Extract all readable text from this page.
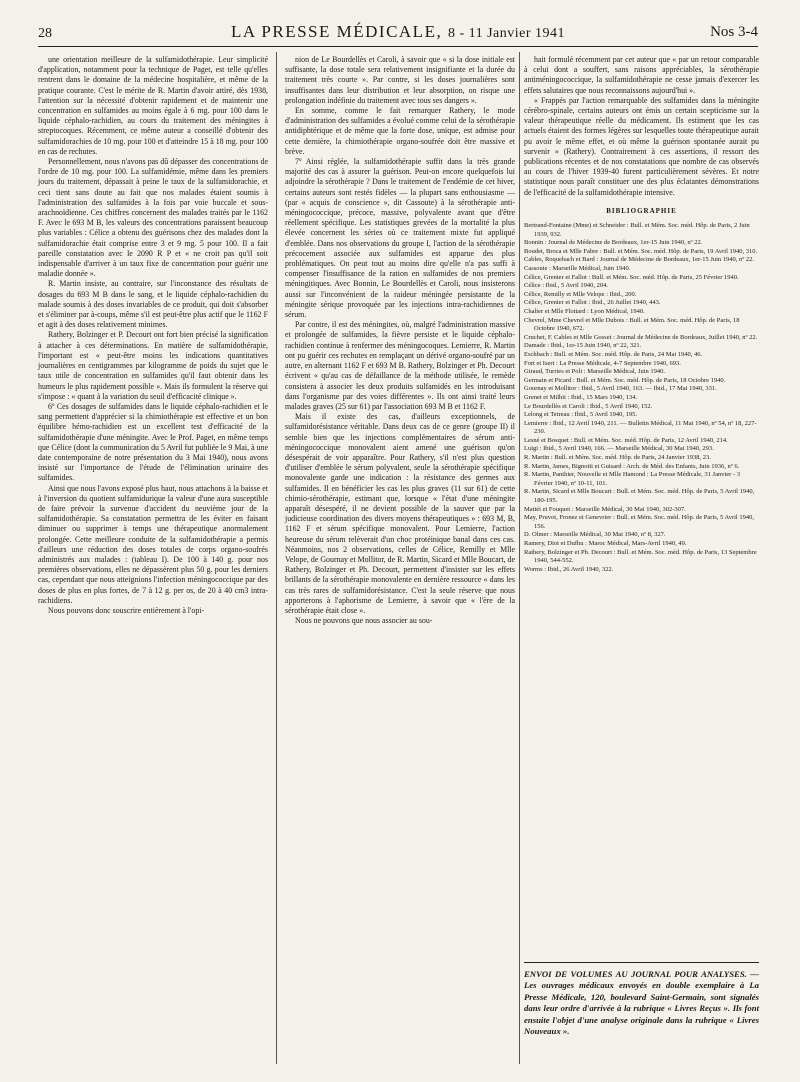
28	LA PRESSE MÉDICALE, 8 - 11 Janvier 1941	Nos 3-4

une orientation meilleure de la sulfamidothérapie. Leur simplicité d'application, notamment pour la technique de Paget, est telle qu'elles rentrent dans le domaine de la médecine hospitalière, et même de la pratique courante. C'est le mérite de R. Martin d'avoir attiré, dès 1938, l'attention sur la nécessité d'obtenir rapidement et de maintenir une concentration en sulfamides au moins égale à 6 mg. pour 100 dans le liquide céphalo-rachidien, au cours du traitement des méningites à streptocoques. Récemment, ce même auteur a conseillé d'obtenir des sulfamidorachies de 10 mg. pour 100 et d'atteindre 15 à 18 mg. pour 100 en cas de rechutes.

Personnellement, nous n'avons pas dû dépasser des concentrations de l'ordre de 10 mg. pour 100. La sulfamidémie, même dans les premiers jours du traitement, dépassait à peine le taux de la sulfamidorachie, et ceci tient sans doute au fait que nos malades étaient soumis à l'administration des sulfamides à la fois par voie buccale et sous-arachnoïdienne. Ces chiffres concernent des malades traités par le 1162 F. Avec le 693 M B, les valeurs des concentrations paraissent beaucoup plus variables : Célice a obtenu des guérisons chez des malades dont la sulfamidorachie était comprise entre 3 et 9 mg. 5 pour 100. Il a fait pareille constatation avec le 2090 R P et « ne croit pas qu'il soit indispensable d'arriver à un taux fixe de concentration pour guérir une maladie donnée ».

R. Martin insiste, au contraire, sur l'inconstance des résultats de dosages du 693 M B dans le sang, et le liquide céphalo-rachidien du malade soumis à des doses invariables de ce produit, qui doit s'absorber et s'éliminer par à-coups, même s'il est peut-être plus actif que le 1162 F et agit à des doses relativement minimes.

Rathery, Bolzinger et P. Decourt ont fort bien précisé la signification à attacher à ces déterminations. En matière de sulfamidothérapie, l'important est « peut-être moins les indications quantitatives journalières en centigrammes par kilogramme de poids du sujet que le taux utile de concentration en sulfamides qu'il faut obtenir dans les humeurs le plus rapidement possible ». Mais ils formulent la réserve qui s'impose : « quant à la variation du seuil d'efficacité clinique ».

6º Ces dosages de sulfamides dans le liquide céphalo-rachidien et le sang permettent d'apprécier si la chimiothérapie est effective et un bon équilibre hémo-rachidien est un excellent test d'efficacité de la sulfamidothérapie d'une méningite. Avec le Prof. Paget, en même temps que Célice (dont la communication du 5 Avril fut publiée le 9 Mai, à une date contemporaine de notre présentation du 3 Mai 1940), nous avons insisté sur l'importance de l'étude de l'élimination urinaire des sulfamides.

Ainsi que nous l'avons exposé plus haut, nous attachons à la baisse et à l'inversion du quotient sulfamidurique la valeur d'une aura susceptible de faire prévoir la survenue d'accident du neuvième jour de la sulfamidothérapie. Sa constatation permettra de les éviter en faisant diminuer ou supprimer à temps une thérapeutique anormalement prolongée. Cette meilleure conduite de la sulfamidothérapie a permis d'ailleurs une réduction des doses totales de corps organo-soufrés administrés aux malades : (tableau I). De 100 à 140 g. pour nos premières observations, elles ne dépassèrent plus 50 g. pour les derniers cas, cependant que nous atteignions l'infection méningococcique par des doses de plus en plus fortes, de 7 à 12 g. per os, de 20 à 40 cm3 intra-rachidiens.

Nous pouvons donc souscrire entièrement à l'opi-

nion de Le Bourdellès et Caroli, à savoir que « si la dose initiale est suffisante, la dose totale sera relativement insignifiante et la durée du traitement très courte ». Par contre, si les doses journalières sont insuffisantes dans leur distribution et leur absorption, on risque une prolongation indéfinie du traitement avec tous ses dangers ».

En somme, comme le fait remarquer Rathery, le mode d'administration des sulfamides a évolué comme celui de la sérothérapie antidiphtérique et de même que la forte dose, unique, est admise pour cette dernière, la chimiothérapie organo-soufrée doit être massive et brève.

7º Ainsi réglée, la sulfamidothérapie suffit dans la très grande majorité des cas à assurer la guérison. Peut-on encore quelquefois lui adjoindre la sérothérapie ? Dans le traitement de l'endémie de cet hiver, certains auteurs sont restés fidèles — la plupart sans enthousiasme — (par « acquis de conscience », dit Cassoute) à la sérothérapie anti-méningococcique, précoce, massive, polyvalente avant que d'être réellement spécifique. Les statistiques grevées de la mortalité la plus élevée concernent les séries où ce traitement mixte fut appliqué d'emblée. Dans nos observations du groupe I, l'action de la sérothérapie précocement associée aux sulfamides est apparue des plus problématiques. On peut tout au moins dire qu'elle n'a pas suffi à compenser l'insuffisance de la ration en sulfamides de nos premiers méningitiques. Avec Bonnin, Le Bourdellès et Caroli, nous insisterons aussi sur l'inconvénient de la raideur méningée persistante de la méningite sérique provoquée par les injections intra-rachidiennes de sérum.

Par contre, il est des méningites, où, malgré l'administration massive et prolongée de sulfamides, la fièvre persiste et le liquide céphalo-rachidien continue à renfermer des méningocoques. Lemierre, R. Martin ont pu guérir ces rechutes en remplaçant un dérivé organo-soufré par un autre, en alternant 1162 F et 693 M B. Rathery, Bolzinger et Ph. Decourt écrivent « qu'au cas de défaillance de la méthode utilisée, le remède consistera à associer les deux produits sulfamidés en les introduisant dans l'organisme par des voies différentes ». Ils ont ainsi traité leurs malades graves (25 sur 61) par l'association 693 M B et 1162 F.

Mais il existe des cas, d'ailleurs exceptionnels, de sulfamidorésistance véritable. Dans deux cas de ce genre (groupe II) il semble bien que les injections complémentaires de sérum anti-méningococcique monovalent aient amené une guérison qu'on désespérait de voir apparaître. Pour Rathery, s'il n'est plus question d'utiliser d'emblée le sérum polyvalent, seule la sérothérapie spécifique monovalente garde une indication : la résistance des germes aux sulfamides. Il en bénéficier les cas les plus graves (11 sur 61) de cette chimio-sérothérapie, estimant que, lorsque « l'état d'une méningite apparaît désespéré, il ne devient possible de la sauver que par la judicieuse coordination des divers moyens thérapeutiques » : 693 M, B, 1162 F et sérum spécifique monovalent. Pour Lemierre, l'action heureuse du sérum relèverait d'un choc protéinique banal dans ces cas. Néanmoins, nos 2 observations, celles de Célice, Remilly et Mlle Velope, de Gournay et Mollitor, de R. Martin, Sicard et Mlle Boucart, de Rathery, Bolzinger et Ph. Decourt, permettent d'insister sur les effets brillants de la sérothérapie monovalente en dernière ressource « dans les cas très rares de sulfamidorésistance. C'est la seule réserve que nous apporterons à l'aphorisme de Lemierre, à savoir que « l'ère de la sérothérapie était close ».

Nous ne pouvons que nous associer au sou-

hait formulé récemment par cet auteur que « par un retour comparable à celui dont a souffert, sans raisons appréciables, la sérothérapie antiméningococcique, la sulfamidothérapie ne cesse jamais d'exercer les effets salutaires que nous reconnaissons aujourd'hui ».

« Frappés par l'action remarquable des sulfamides dans la méningite cérébro-spinale, certains auteurs ont émis un certain scepticisme sur la valeur thérapeutique réelle du médicament. Ils estiment que les cas actuels étaient des formes légères sur lesquelles toute thérapeutique aurait pu avoir le même effet, et où même la guérison spontanée aurait pu survenir » (Rathery). Contrairement à ces assertions, il ressort des publications récentes et de nos constatations que nombre de cas observés au cours de l'hiver 1939-40 furent particulièrement sévères. Et notre statistique nous paraît constituer une des plus éclatantes démonstrations de l'efficacité de la sulfamidothérapie intensive.

BIBLIOGRAPHIE

Bertrand-Fontaine (Mme) et Schneider : Bull. et Mém. Soc. méd. Hôp. de Paris, 2 Juin 1939, 932.

Bonnin : Journal de Médecine de Bordeaux, 1er-15 Juin 1940, nº 22.

Boudet, Broca et Mlle Fabre : Bull. et Mém. Soc. méd. Hôp. de Paris, 19 Avril 1940, 310.

Cables, Roquebach et Bard : Journal de Médecine de Bordeaux, 1er-15 Juin 1940, nº 22.

Cassoute : Marseille Médical, Juin 1940.

Célice, Grenier et Fallot : Bull. et Mém. Soc. méd. Hôp. de Paris, 25 Février 1940.

Célice : Ibid., 5 Avril 1940, 204.

Célice, Remilly et Mlle Velope : Ibid., 200.

Célice, Grenier et Fallot : Ibid., 26 Juillet 1940, 443.

Chalier et Mlle Flottard : Lyon Médical, 1940.

Chevrel, Mme Chevrel et Mlle Dubois : Bull. et Mém. Soc. méd. Hôp. de Paris, 18 Octobre 1940, 672.

Cruchet, F. Cables et Mlle Gosset : Journal de Médecine de Bordeaux, Juillet 1940, nº 22.

Damade : Ibid., 1er-15 Juin 1940, nº 22, 321.

Eschbach : Bull. et Mém. Soc. méd. Hôp. de Paris, 24 Mai 1940, 46.

Fort et Isert : La Presse Médicale, 4-7 Septembre 1940, 693.

Giraud, Turries et Poli : Marseille Médical, Juin 1940.

Germain et Picard : Bull. et Mém. Soc. méd. Hôp. de Paris, 18 Octobre 1940.

Gournay et Mollitor : Ibid., 5 Avril 1940, 163. — Ibid., 17 Mai 1940, 331.

Grenet et Milhit : Ibid., 15 Mars 1940, 134.

Le Bourdellès et Caroli : Ibid., 5 Avril 1940, 152.

Lelong et Tetreau : Ibid., 5 Avril 1940, 195.

Lemierre : Ibid., 12 Avril 1940, 211. — Bulletin Médical, 11 Mai 1940, nº 54, nº 18, 227-230.

Lesné et Bosquet : Bull. et Mém. Soc. méd. Hôp. de Paris, 12 Avril 1940, 214.

Luigi : Ibid., 5 Avril 1940, 166. — Marseille Médical, 30 Mai 1940, 293.

R. Martin : Bull. et Mém. Soc. méd. Hôp. de Paris, 24 Janvier 1938, 23.

R. Martin, James, Bignotti et Guisard : Arch. de Méd. des Enfants, Juin 1936, nº 6.

R. Martin, Panthier, Nouvelle et Mlle Hamond : La Presse Médicale, 31 Janvier - 3 Février 1940, nº 10-11, 101.

R. Martin, Sicard et Mlle Boucart : Bull. et Mém. Soc. méd. Hôp. de Paris, 5 Avril 1940, 180-195.

Mattéi et Fouquet : Marseille Médical, 30 Mai 1940, 302-307.

May, Pruvot, Fronez et Genevrier : Bull. et Mém. Soc. méd. Hôp. de Paris, 5 Avril 1940, 156.

D. Olmer : Marseille Médical, 30 Mai 1940, nº 8, 327.

Ramery, Diot et Dufhu : Maroc Médical, Mars-Avril 1940, 49.

Rathery, Bolzinger et Ph. Decourt : Bull. et Mém. Soc. méd. Hôp. de Paris, 13 Septembre 1940, 544-552.

Worms : Ibid., 26 Avril 1940, 322.

ENVOI DE VOLUMES AU JOURNAL POUR ANALYSES. — Les ouvrages médicaux envoyés en double exemplaire à La Presse Médicale, 120, boulevard Saint-Germain, sont signalés dans leur ordre d'arrivée à la rubrique « Livres Reçus ». Ils font ensuite l'objet d'une analyse originale dans la rubrique « Livres Nouveaux ».
